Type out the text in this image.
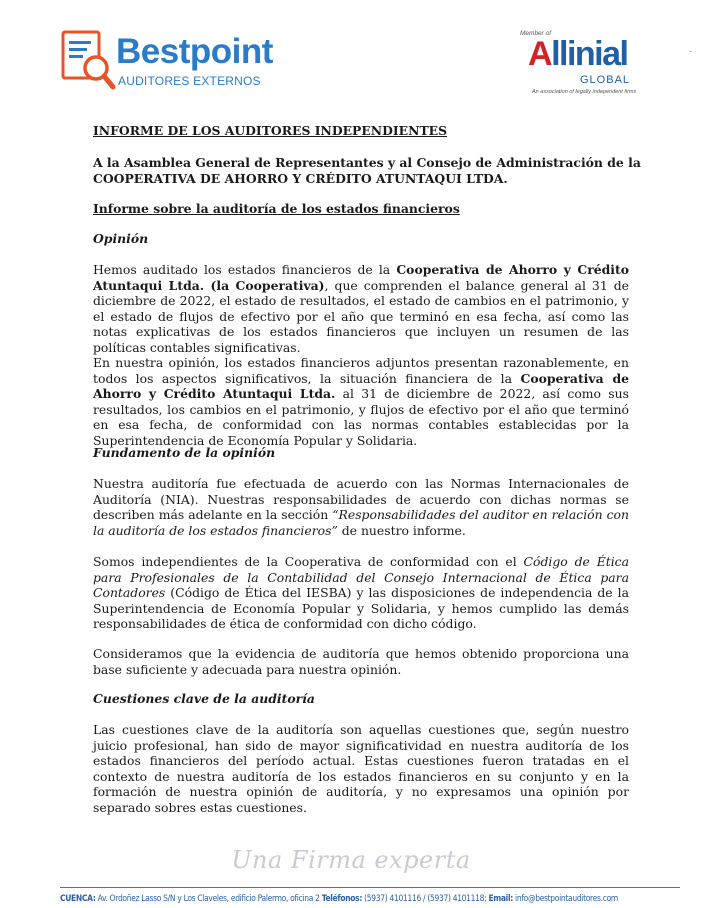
Bestpoint
AUDITORES EXTERNOS
Member of
Allinial
GLOBAL
An association of legally independent firms
-
INFORME DE LOS AUDITORES INDEPENDIENTES
A la Asamblea General de Representantes y al Consejo de Administración de la
COOPERATIVA DE AHORRO Y CRÉDITO ATUNTAQUI LTDA.
Informe sobre la auditoría de los estados financieros
Opinión
Hemos auditado los estados financieros de la Cooperativa de Ahorro y Crédito Atuntaqui Ltda. (la Cooperativa), que comprenden el balance general al 31 de diciembre de 2022, el estado de resultados, el estado de cambios en el patrimonio, y el estado de flujos de efectivo por el año que terminó en esa fecha, así como las notas explicativas de los estados financieros que incluyen un resumen de las políticas contables significativas.
En nuestra opinión, los estados financieros adjuntos presentan razonablemente, en todos los aspectos significativos, la situación financiera de la Cooperativa de Ahorro y Crédito Atuntaqui Ltda. al 31 de diciembre de 2022, así como sus resultados, los cambios en el patrimonio, y flujos de efectivo por el año que terminó en esa fecha, de conformidad con las normas contables establecidas por la Superintendencia de Economía Popular y Solidaria.
Fundamento de la opinión
Nuestra auditoría fue efectuada de acuerdo con las Normas Internacionales de Auditoría (NIA). Nuestras responsabilidades de acuerdo con dichas normas se describen más adelante en la sección “Responsabilidades del auditor en relación con la auditoría de los estados financieros” de nuestro informe.
Somos independientes de la Cooperativa de conformidad con el Código de Ética para Profesionales de la Contabilidad del Consejo Internacional de Ética para Contadores (Código de Ética del IESBA) y las disposiciones de independencia de la Superintendencia de Economía Popular y Solidaria, y hemos cumplido las demás responsabilidades de ética de conformidad con dicho código.
Consideramos que la evidencia de auditoría que hemos obtenido proporciona una base suficiente y adecuada para nuestra opinión.
Cuestiones clave de la auditoría
Las cuestiones clave de la auditoría son aquellas cuestiones que, según nuestro juicio profesional, han sido de mayor significatividad en nuestra auditoría de los estados financieros del período actual. Estas cuestiones fueron tratadas en el contexto de nuestra auditoría de los estados financieros en su conjunto y en la formación de nuestra opinión de auditoría, y no expresamos una opinión por separado sobres estas cuestiones.
Una Firma experta
CUENCA: Av. Ordoñez Lasso S/N y Los Claveles, edificio Palermo, oficina 2 Teléfonos: (5937) 4101116 / (5937) 4101118; Email: info@bestpointauditores.com
